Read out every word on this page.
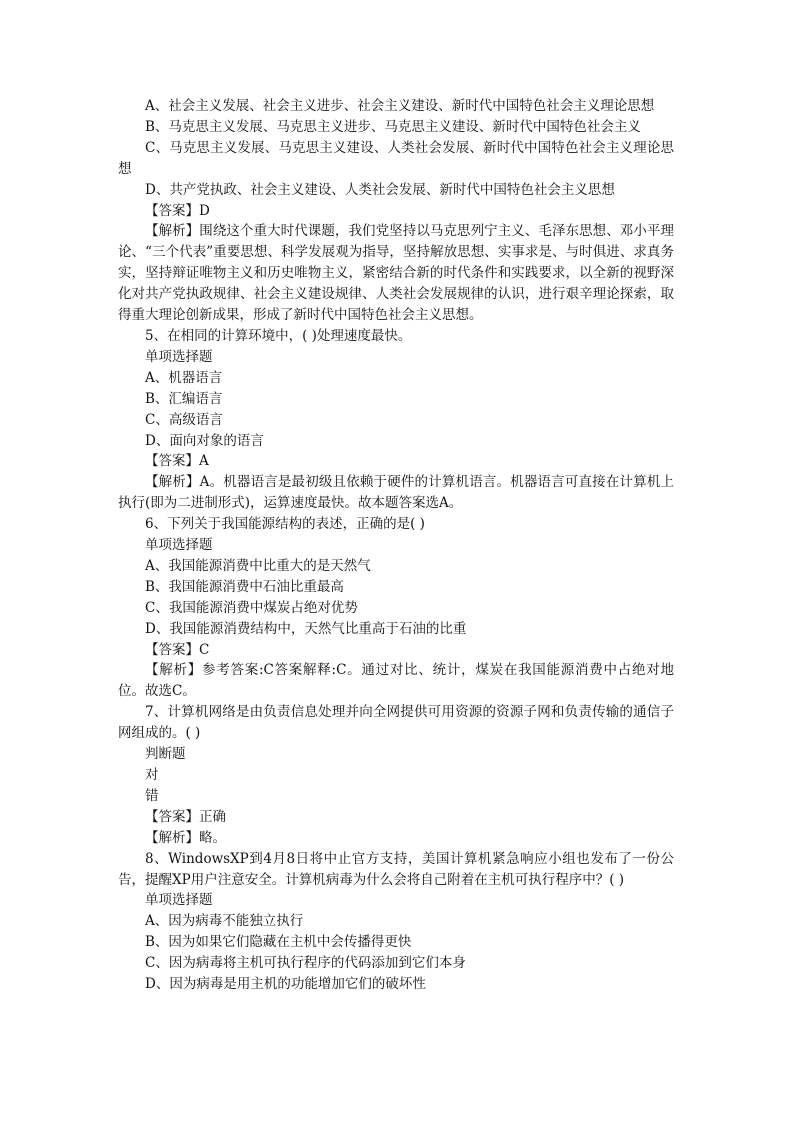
A、社会主义发展、社会主义进步、社会主义建设、新时代中国特色社会主义理论思想

B、马克思主义发展、马克思主义进步、马克思主义建设、新时代中国特色社会主义

C、马克思主义发展、马克思主义建设、人类社会发展、新时代中国特色社会主义理论思想

D、共产党执政、社会主义建设、人类社会发展、新时代中国特色社会主义思想

【答案】D

【解析】围绕这个重大时代课题，我们党坚持以马克思列宁主义、毛泽东思想、邓小平理论、“三个代表”重要思想、科学发展观为指导，坚持解放思想、实事求是、与时俱进、求真务实，坚持辩证唯物主义和历史唯物主义，紧密结合新的时代条件和实践要求，以全新的视野深化对共产党执政规律、社会主义建设规律、人类社会发展规律的认识，进行艰辛理论探索，取得重大理论创新成果，形成了新时代中国特色社会主义思想。

5、在相同的计算环境中，( )处理速度最快。

单项选择题

A、机器语言

B、汇编语言

C、高级语言

D、面向对象的语言

【答案】A

【解析】A。机器语言是最初级且依赖于硬件的计算机语言。机器语言可直接在计算机上执行(即为二进制形式)，运算速度最快。故本题答案选A。

6、下列关于我国能源结构的表述，正确的是( )

单项选择题

A、我国能源消费中比重大的是天然气

B、我国能源消费中石油比重最高

C、我国能源消费中煤炭占绝对优势

D、我国能源消费结构中，天然气比重高于石油的比重

【答案】C

【解析】参考答案:C答案解释:C。通过对比、统计，煤炭在我国能源消费中占绝对地位。故选C。

7、计算机网络是由负责信息处理并向全网提供可用资源的资源子网和负责传输的通信子网组成的。( )

判断题

对

错

【答案】正确

【解析】略。

8、WindowsXP到4月8日将中止官方支持，美国计算机紧急响应小组也发布了一份公告，提醒XP用户注意安全。计算机病毒为什么会将自己附着在主机可执行程序中？( )

单项选择题

A、因为病毒不能独立执行

B、因为如果它们隐藏在主机中会传播得更快

C、因为病毒将主机可执行程序的代码添加到它们本身

D、因为病毒是用主机的功能增加它们的破坏性
